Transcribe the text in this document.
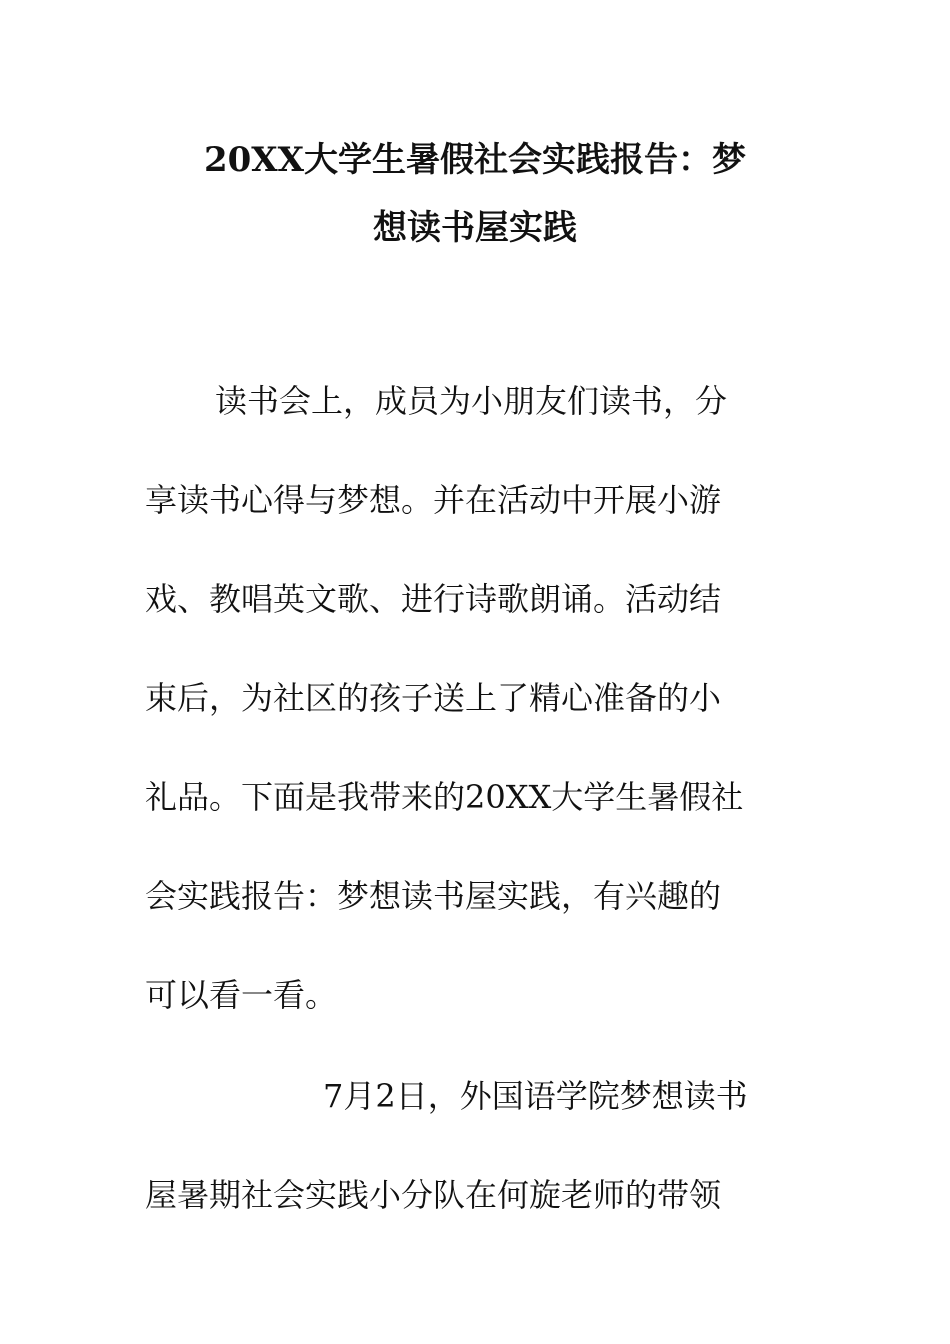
20XX大学生暑假社会实践报告：梦
想读书屋实践
读书会上，成员为小朋友们读书，分
享读书心得与梦想。并在活动中开展小游
戏、教唱英文歌、进行诗歌朗诵。活动结
束后，为社区的孩子送上了精心准备的小
礼品。下面是我带来的20XX大学生暑假社
会实践报告：梦想读书屋实践，有兴趣的
可以看一看。
7月2日，外国语学院梦想读书
屋暑期社会实践小分队在何旋老师的带领
